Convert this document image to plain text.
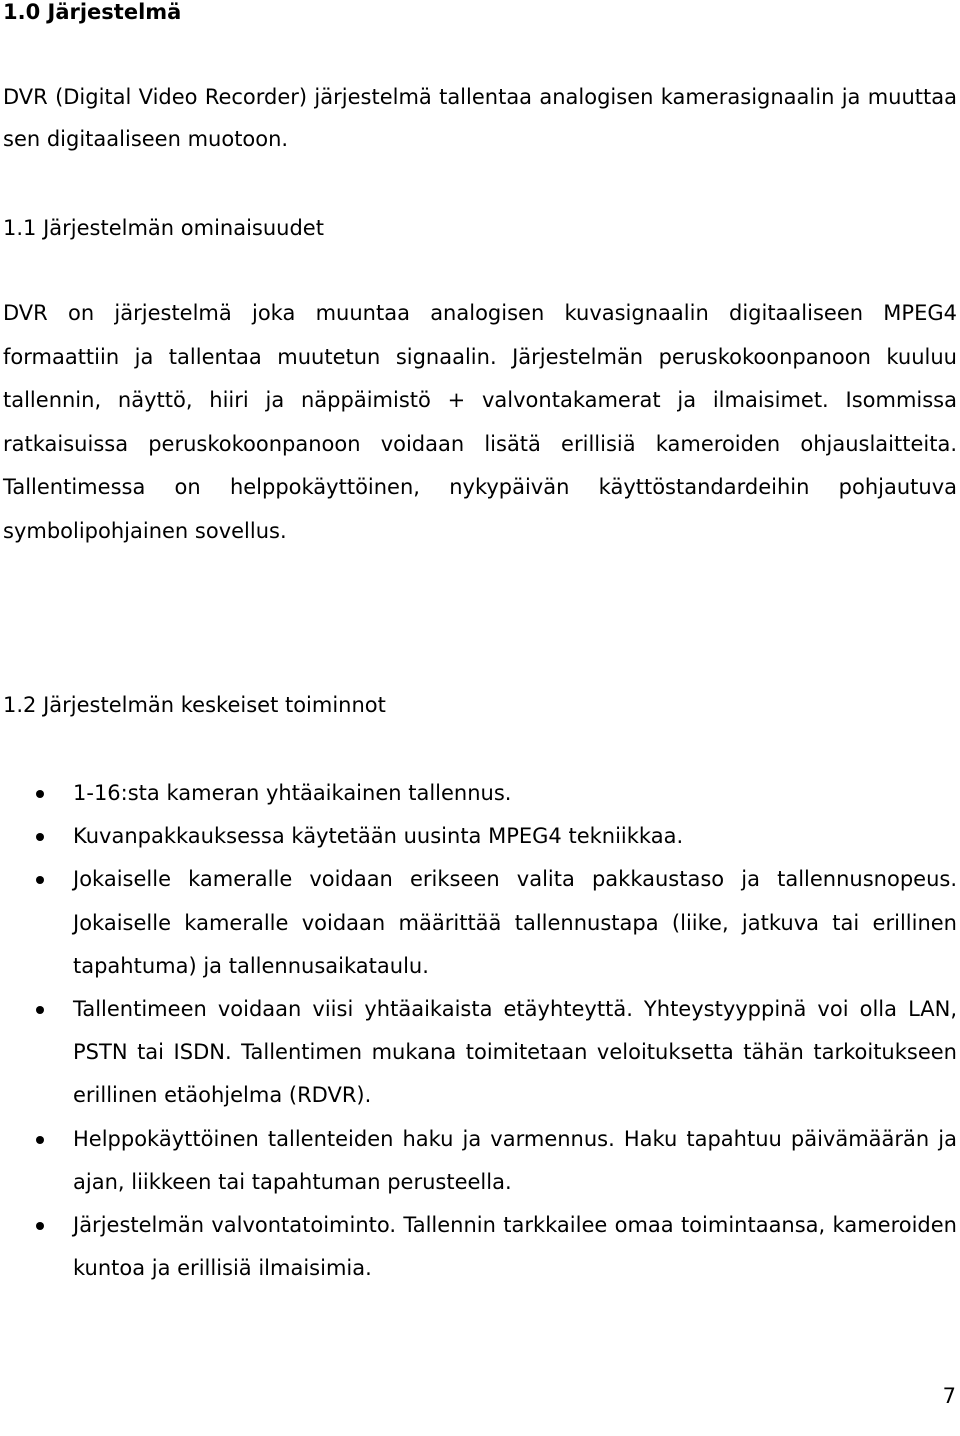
1.0 Järjestelmä

DVR (Digital Video Recorder) järjestelmä tallentaa analogisen kamerasignaalin ja muuttaa sen digitaaliseen muotoon.

1.1 Järjestelmän ominaisuudet

DVR on järjestelmä joka muuntaa analogisen kuvasignaalin digitaaliseen MPEG4 formaattiin ja tallentaa muutetun signaalin. Järjestelmän peruskokoonpanoon kuuluu tallennin, näyttö, hiiri ja näppäimistö + valvontakamerat ja ilmaisimet. Isommissa ratkaisuissa peruskokoonpanoon voidaan lisätä erillisiä kameroiden ohjauslaitteita. Tallentimessa on helppokäyttöinen, nykypäivän käyttöstandardeihin pohjautuva symbolipohjainen sovellus.

1.2 Järjestelmän keskeiset toiminnot
1-16:sta kameran yhtäaikainen tallennus.
Kuvanpakkauksessa käytetään uusinta MPEG4 tekniikkaa.
Jokaiselle kameralle voidaan erikseen valita pakkaustaso ja tallennusnopeus. Jokaiselle kameralle voidaan määrittää tallennustapa (liike, jatkuva tai erillinen tapahtuma) ja tallennusaikataulu.
Tallentimeen voidaan viisi yhtäaikaista etäyhteyttä. Yhteystyyppinä voi olla LAN, PSTN tai ISDN. Tallentimen mukana toimitetaan veloituksetta tähän tarkoitukseen erillinen etäohjelma (RDVR).
Helppokäyttöinen tallenteiden haku ja varmennus. Haku tapahtuu päivämäärän ja ajan, liikkeen tai tapahtuman perusteella.
Järjestelmän valvontatoiminto. Tallennin tarkkailee omaa toimintaansa, kameroiden kuntoa ja erillisiä ilmaisimia.
7
